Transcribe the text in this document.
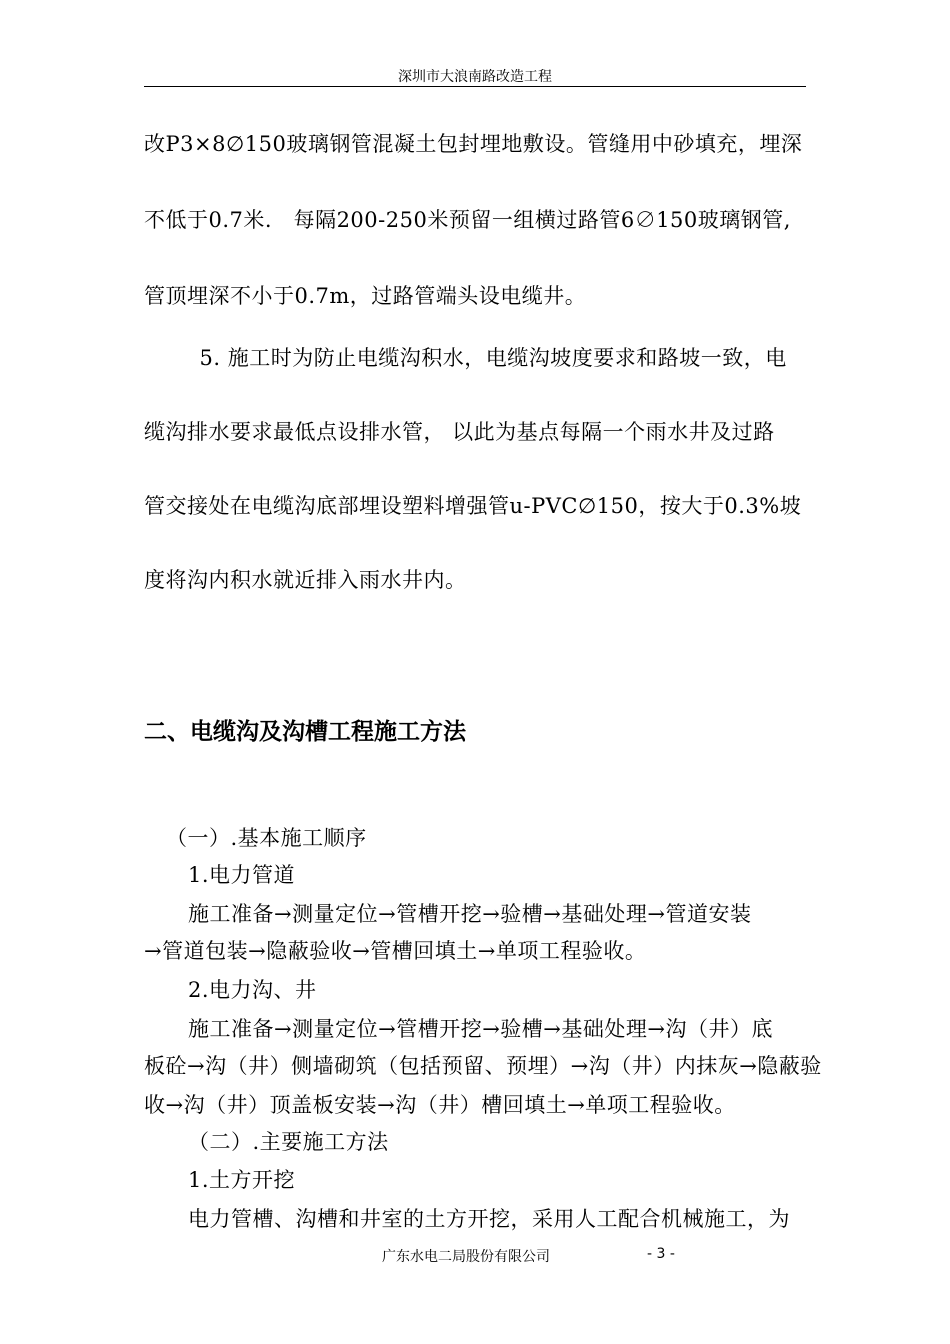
深圳市大浪南路改造工程
改P3×8∅150玻璃钢管混凝土包封埋地敷设。管缝用中砂填充，埋深
不低于0.7米.　每隔200-250米预留一组横过路管6∅150玻璃钢管,
管顶埋深不小于0.7m，过路管端头设电缆井。
　5. 施工时为防止电缆沟积水，电缆沟坡度要求和路坡一致，电
缆沟排水要求最低点设排水管， 以此为基点每隔一个雨水井及过路
管交接处在电缆沟底部埋设塑料增强管u-PVC∅150，按大于0.3%坡
度将沟内积水就近排入雨水井内。
二、电缆沟及沟槽工程施工方法
（一）.基本施工顺序
1.电力管道
施工准备→测量定位→管槽开挖→验槽→基础处理→管道安装
→管道包装→隐蔽验收→管槽回填土→单项工程验收。
2.电力沟、井
施工准备→测量定位→管槽开挖→验槽→基础处理→沟（井）底
板砼→沟（井）侧墙砌筑（包括预留、预埋）→沟（井）内抹灰→隐蔽验
收→沟（井）顶盖板安装→沟（井）槽回填土→单项工程验收。
（二）.主要施工方法
1.土方开挖
电力管槽、沟槽和井室的土方开挖，采用人工配合机械施工，为
广东水电二局股份有限公司	- 3 -
